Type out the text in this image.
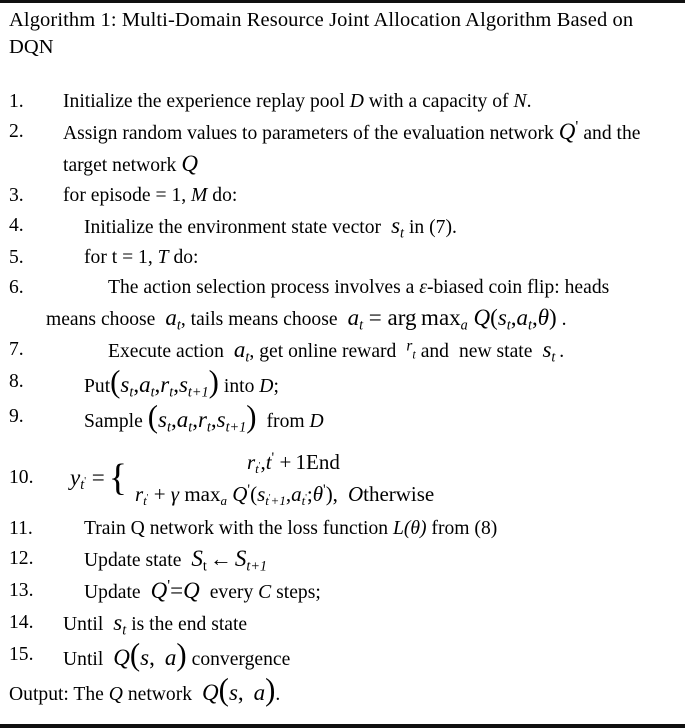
Algorithm 1: Multi-Domain Resource Joint Allocation Algorithm Based on
DQN
1.	Initialize the experience replay pool D with a capacity of N.
2.	Assign random values to parameters of the evaluation network Q' and the
target network Q
3.	for episode = 1, M do:
4.	Initialize the environment state vector $s_t$ in (7).
5.	for t = 1, T do:
6.	The action selection process involves a ε-biased coin flip: heads
means choose $a_t$, tails means choose $a_t$ = arg $\max_a Q(s_t,a_t,\theta)$ .
7.	Execute action $a_t$, get online reward $^r_t$ and new state $s_t$ .
8.	$Put(s_t,a_t,r_t,s_{t+1})$ into D;
9.	Sample $(s_t,a_t,r_t,s_{t+1})$ from D
10.	$y_{t'}$ = {	$r_{t'},t' + 1End$
$r_{t'} + \gamma$ $\max_a$ $Q'(s_{t'+1},a_{t'};\theta')$, Otherwise
11.	Train Q network with the loss function L(θ) from (8)
12.	Update state $S_t$ ← $S_{t+1}$
13.	Update Q'=Q every C steps;
14.	Until $s_t$ is the end state
15.	Until Q(s, a) convergence
Output: The Q network Q(s, a).
